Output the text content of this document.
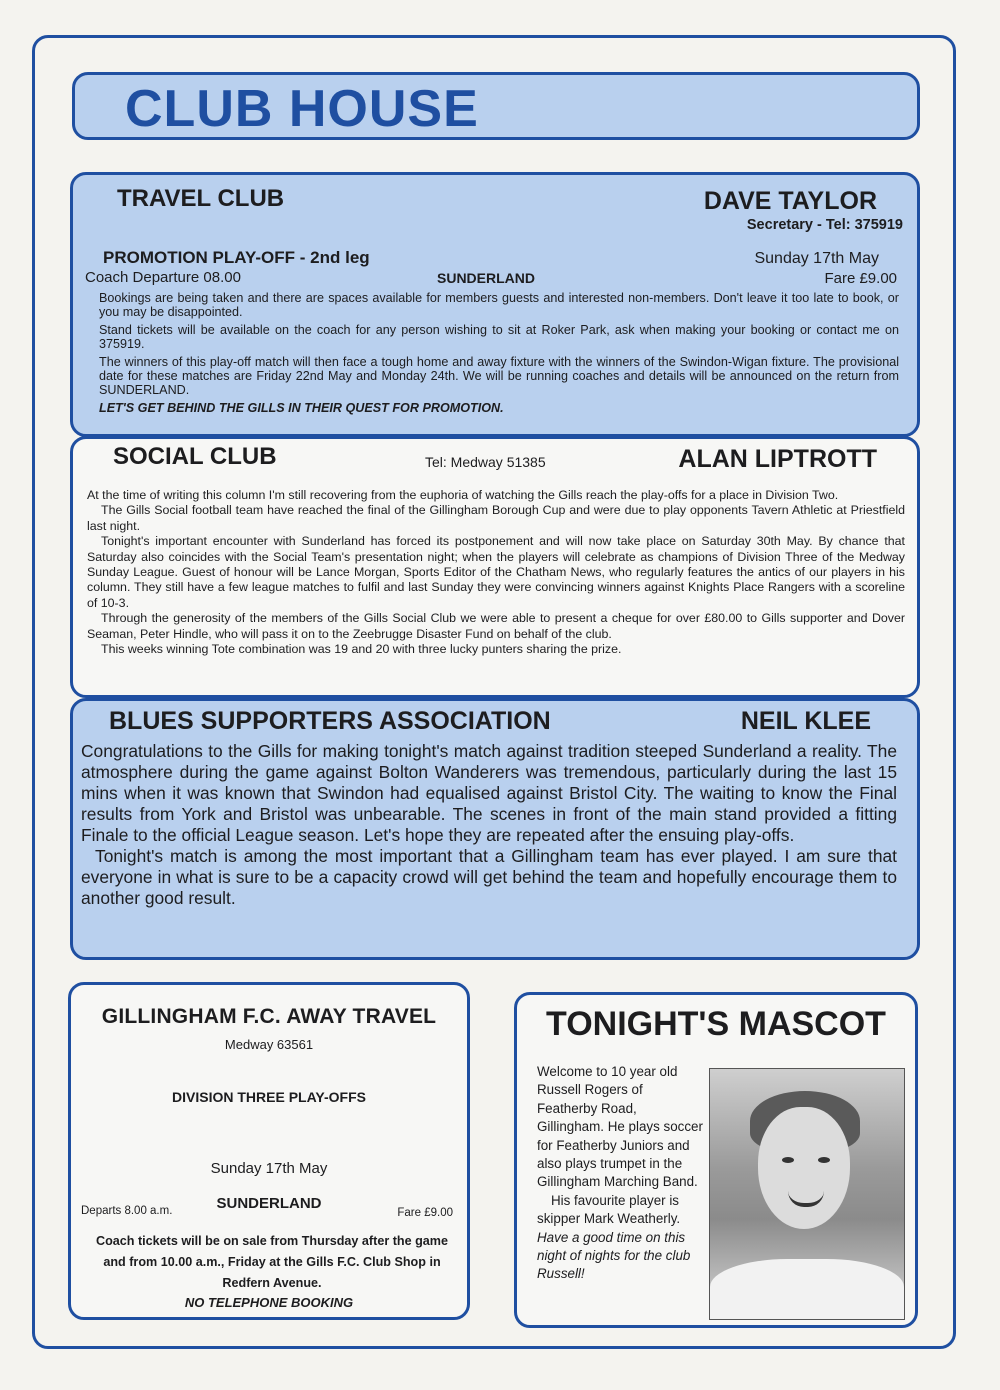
CLUB HOUSE
TRAVEL CLUB	DAVE TAYLOR
Secretary - Tel: 375919
PROMOTION PLAY-OFF - 2nd leg	Sunday 17th May
Coach Departure 08.00	SUNDERLAND	Fare £9.00

Bookings are being taken and there are spaces available for members guests and interested non-members. Don't leave it too late to book, or you may be disappointed.

Stand tickets will be available on the coach for any person wishing to sit at Roker Park, ask when making your booking or contact me on 375919.

The winners of this play-off match will then face a tough home and away fixture with the winners of the Swindon-Wigan fixture. The provisional date for these matches are Friday 22nd May and Monday 24th. We will be running coaches and details will be announced on the return from SUNDERLAND.

LET'S GET BEHIND THE GILLS IN THEIR QUEST FOR PROMOTION.

SOCIAL CLUB	Tel: Medway 51385	ALAN LIPTROTT

At the time of writing this column I'm still recovering from the euphoria of watching the Gills reach the play-offs for a place in Division Two.

The Gills Social football team have reached the final of the Gillingham Borough Cup and were due to play opponents Tavern Athletic at Priestfield last night.

Tonight's important encounter with Sunderland has forced its postponement and will now take place on Saturday 30th May. By chance that Saturday also coincides with the Social Team's presentation night; when the players will celebrate as champions of Division Three of the Medway Sunday League. Guest of honour will be Lance Morgan, Sports Editor of the Chatham News, who regularly features the antics of our players in his column. They still have a few league matches to fulfil and last Sunday they were convincing winners against Knights Place Rangers with a scoreline of 10-3.

Through the generosity of the members of the Gills Social Club we were able to present a cheque for over £80.00 to Gills supporter and Dover Seaman, Peter Hindle, who will pass it on to the Zeebrugge Disaster Fund on behalf of the club.

This weeks winning Tote combination was 19 and 20 with three lucky punters sharing the prize.

BLUES SUPPORTERS ASSOCIATION	NEIL KLEE

Congratulations to the Gills for making tonight's match against tradition steeped Sunderland a reality. The atmosphere during the game against Bolton Wanderers was tremendous, particularly during the last 15 mins when it was known that Swindon had equalised against Bristol City. The waiting to know the Final results from York and Bristol was unbearable. The scenes in front of the main stand provided a fitting Finale to the official League season. Let's hope they are repeated after the ensuing play-offs.

Tonight's match is among the most important that a Gillingham team has ever played. I am sure that everyone in what is sure to be a capacity crowd will get behind the team and hopefully encourage them to another good result.

GILLINGHAM F.C. AWAY TRAVEL
Medway 63561
DIVISION THREE PLAY-OFFS
Sunday 17th May
Departs 8.00 a.m.	SUNDERLAND
Fare £9.00
Coach tickets will be on sale from Thursday after the game and from 10.00 a.m., Friday at the Gills F.C. Club Shop in Redfern Avenue.
NO TELEPHONE BOOKING
TONIGHT'S MASCOT
Welcome to 10 year old Russell Rogers of Featherby Road, Gillingham. He plays soccer for Featherby Juniors and also plays trumpet in the Gillingham Marching Band.
His favourite player is skipper Mark Weatherly.
Have a good time on this night of nights for the club Russell!
